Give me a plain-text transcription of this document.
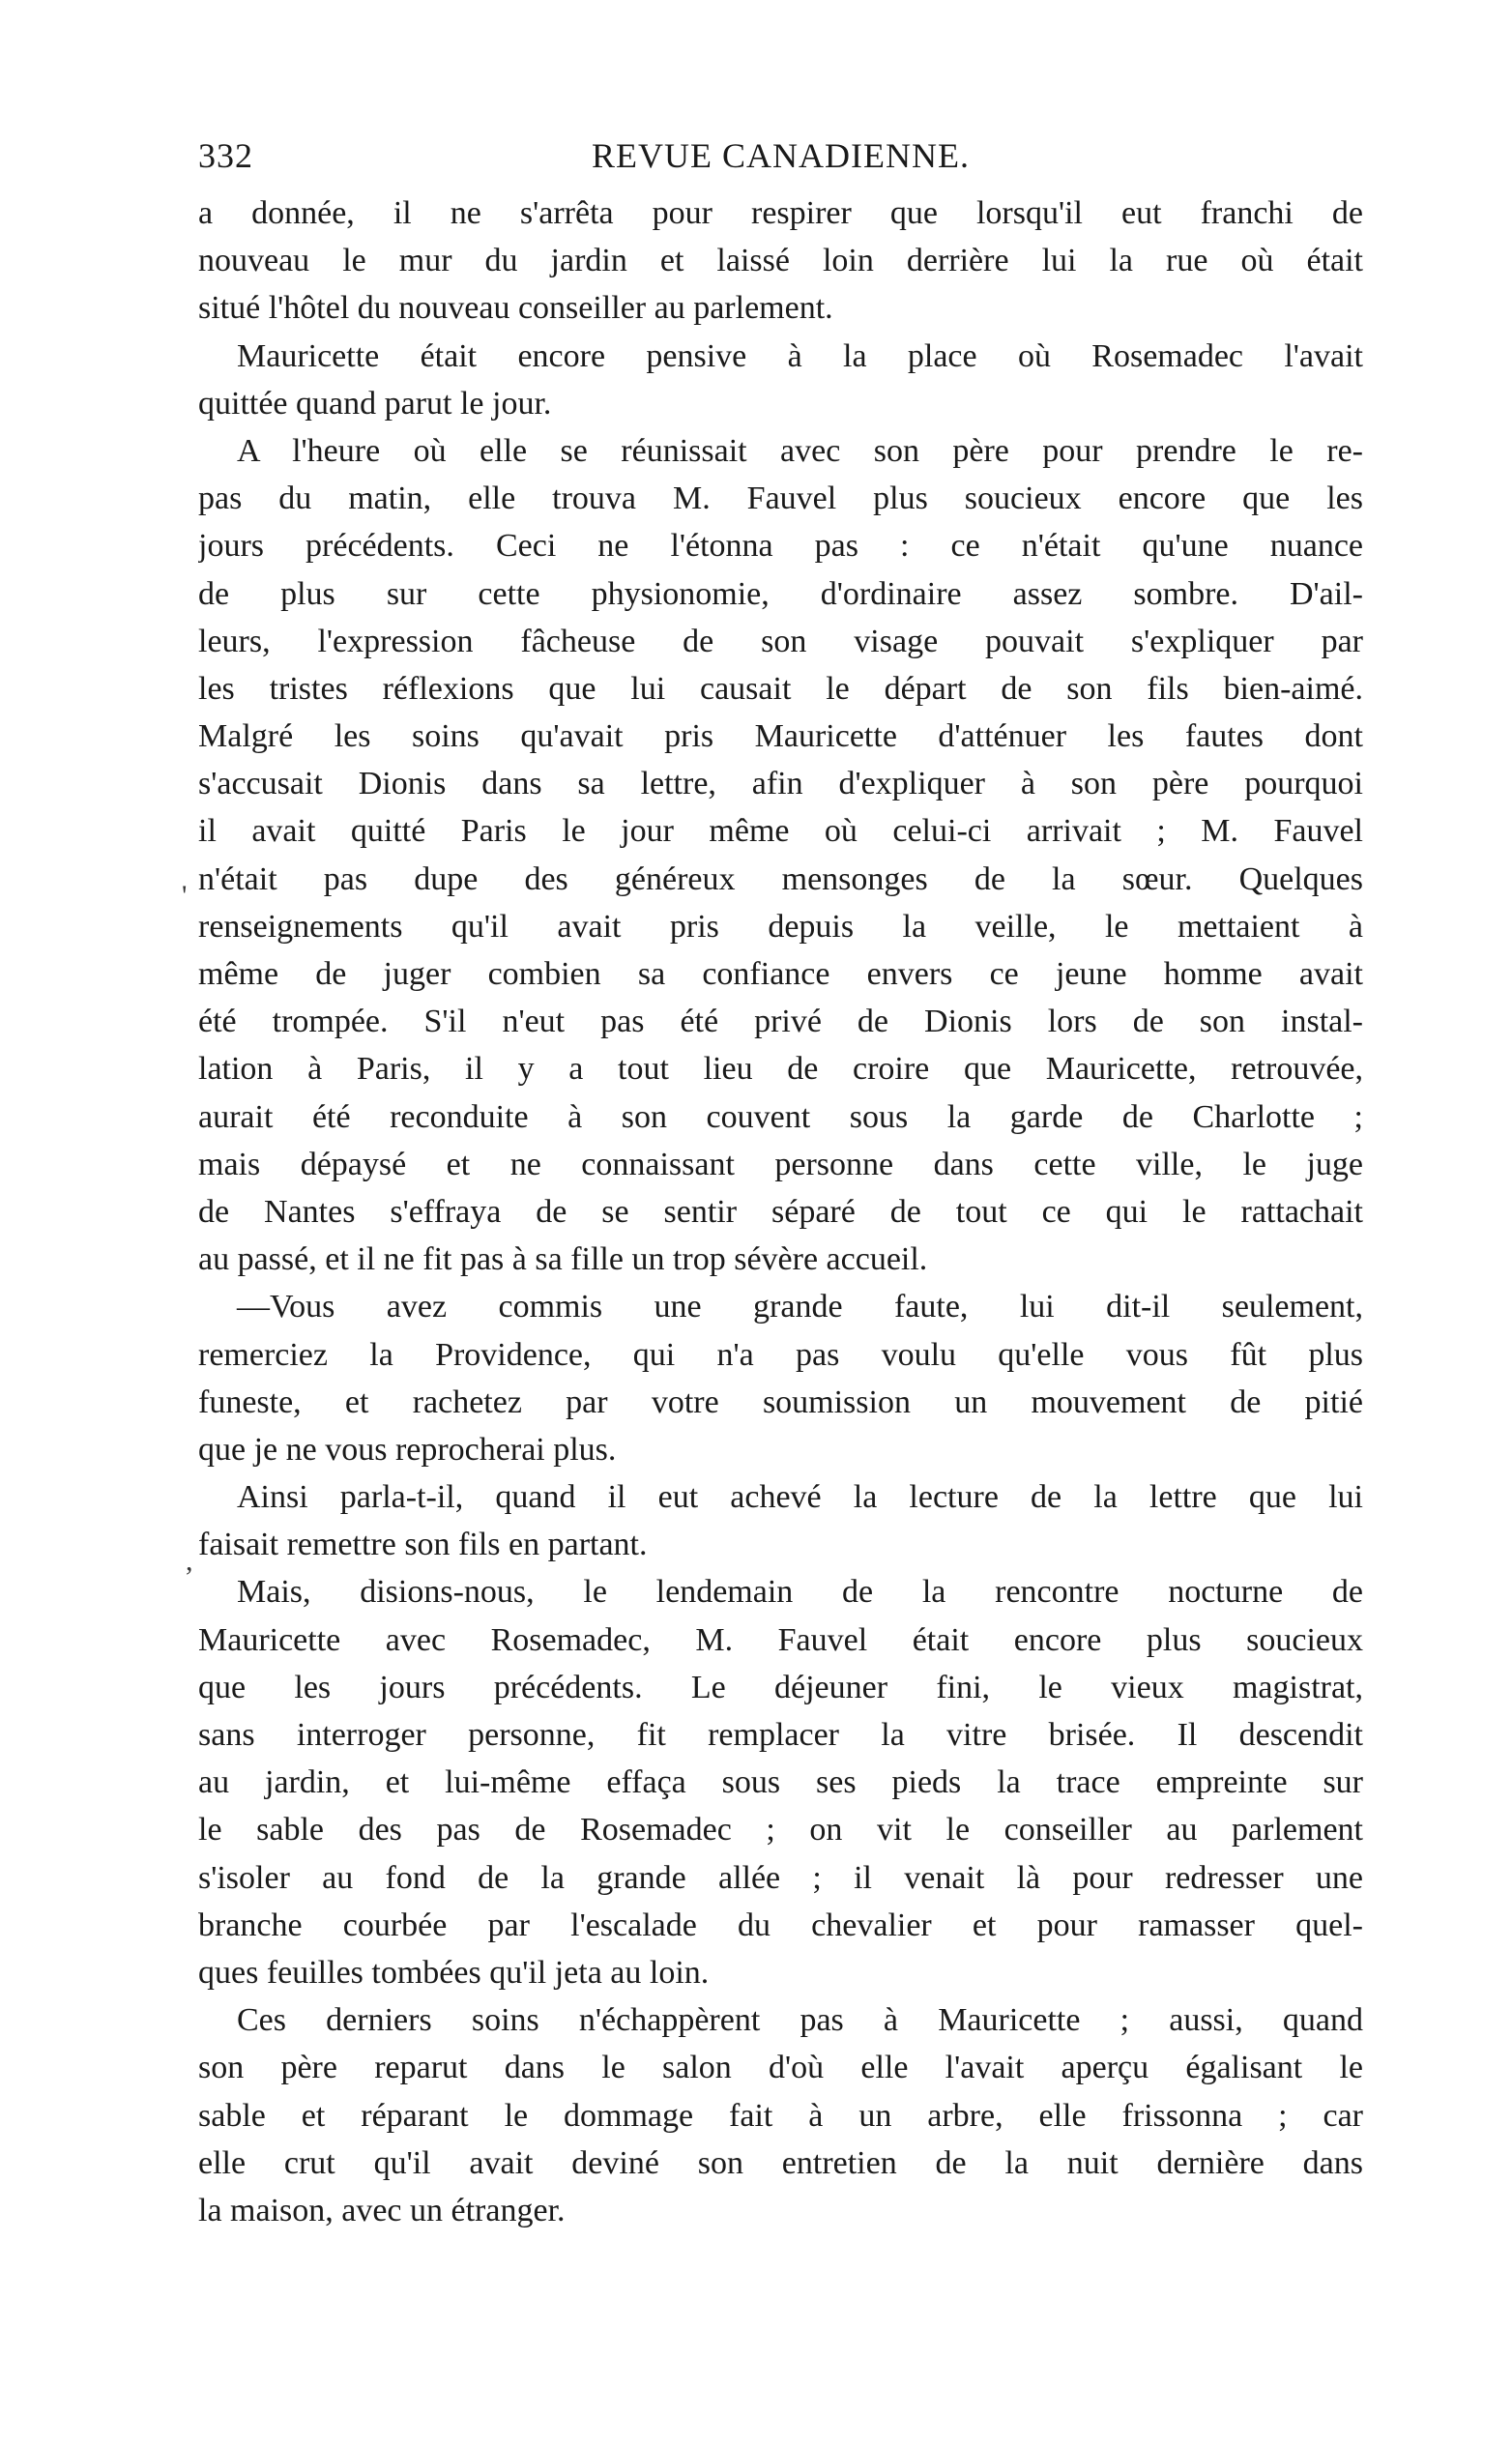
332	REVUE CANADIENNE.
a donnée, il ne s'arrêta pour respirer que lorsqu'il eut franchi de
nouveau le mur du jardin et laissé loin derrière lui la rue où était
situé l'hôtel du nouveau conseiller au parlement.
Mauricette était encore pensive à la place où Rosemadec l'avait
quittée quand parut le jour.
A l'heure où elle se réunissait avec son père pour prendre le re-
pas du matin, elle trouva M. Fauvel plus soucieux encore que les
jours précédents. Ceci ne l'étonna pas : ce n'était qu'une nuance
de plus sur cette physionomie, d'ordinaire assez sombre. D'ail-
leurs, l'expression fâcheuse de son visage pouvait s'expliquer par
les tristes réflexions que lui causait le départ de son fils bien-aimé.
Malgré les soins qu'avait pris Mauricette d'atténuer les fautes dont
s'accusait Dionis dans sa lettre, afin d'expliquer à son père pourquoi
il avait quitté Paris le jour même où celui-ci arrivait ; M. Fauvel
n'était pas dupe des généreux mensonges de la sœur. Quelques
renseignements qu'il avait pris depuis la veille, le mettaient à
même de juger combien sa confiance envers ce jeune homme avait
été trompée. S'il n'eut pas été privé de Dionis lors de son instal-
lation à Paris, il y a tout lieu de croire que Mauricette, retrouvée,
aurait été reconduite à son couvent sous la garde de Charlotte ;
mais dépaysé et ne connaissant personne dans cette ville, le juge
de Nantes s'effraya de se sentir séparé de tout ce qui le rattachait
au passé, et il ne fit pas à sa fille un trop sévère accueil.
—Vous avez commis une grande faute, lui dit-il seulement,
remerciez la Providence, qui n'a pas voulu qu'elle vous fût plus
funeste, et rachetez par votre soumission un mouvement de pitié
que je ne vous reprocherai plus.
Ainsi parla-t-il, quand il eut achevé la lecture de la lettre que lui
faisait remettre son fils en partant.
Mais, disions-nous, le lendemain de la rencontre nocturne de
Mauricette avec Rosemadec, M. Fauvel était encore plus soucieux
que les jours précédents. Le déjeuner fini, le vieux magistrat,
sans interroger personne, fit remplacer la vitre brisée. Il descendit
au jardin, et lui-même effaça sous ses pieds la trace empreinte sur
le sable des pas de Rosemadec ; on vit le conseiller au parlement
s'isoler au fond de la grande allée ; il venait là pour redresser une
branche courbée par l'escalade du chevalier et pour ramasser quel-
ques feuilles tombées qu'il jeta au loin.
Ces derniers soins n'échappèrent pas à Mauricette ; aussi, quand
son père reparut dans le salon d'où elle l'avait aperçu égalisant le
sable et réparant le dommage fait à un arbre, elle frissonna ; car
elle crut qu'il avait deviné son entretien de la nuit dernière dans
la maison, avec un étranger.
'
,
